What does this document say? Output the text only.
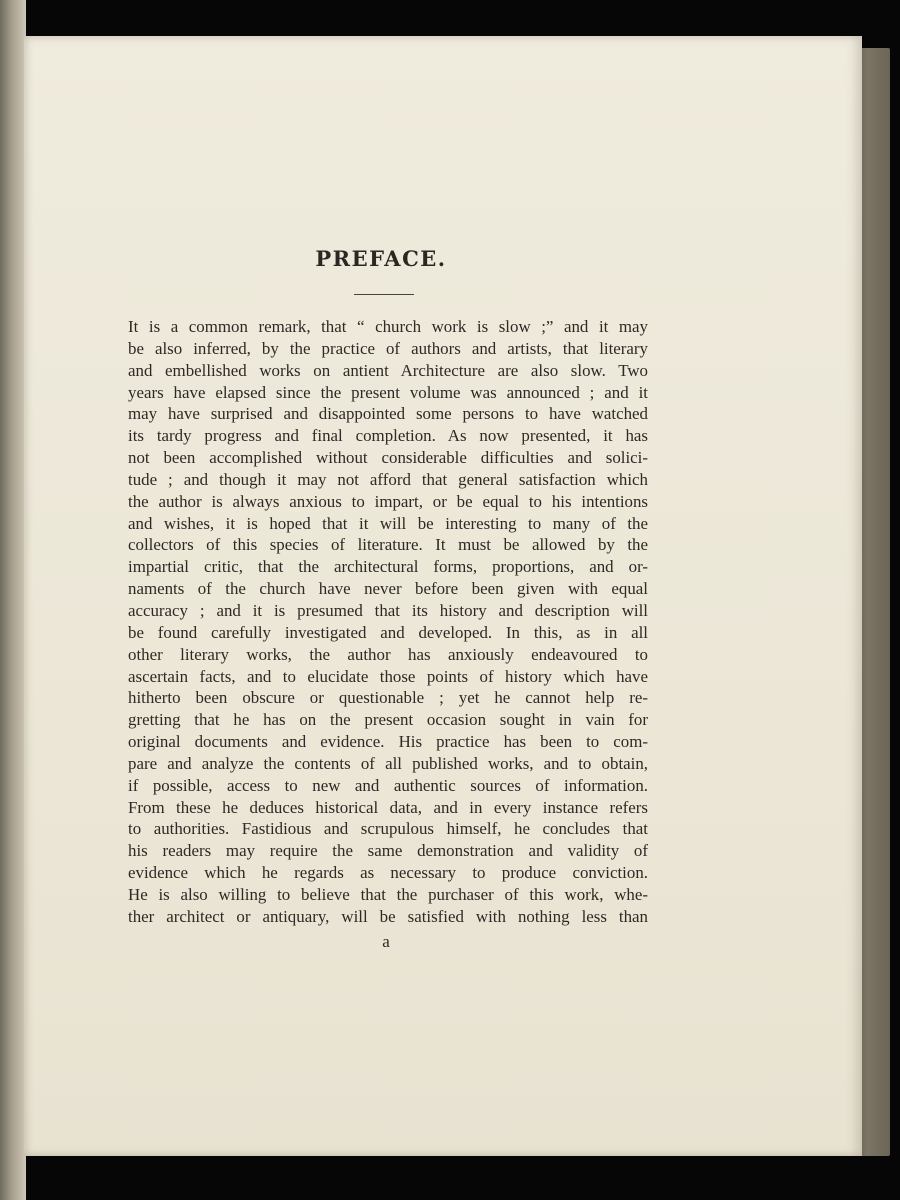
PREFACE.
It is a common remark, that “ church work is slow ;” and it may
be also inferred, by the practice of authors and artists, that literary
and embellished works on antient Architecture are also slow. Two
years have elapsed since the present volume was announced ; and it
may have surprised and disappointed some persons to have watched
its tardy progress and final completion. As now presented, it has
not been accomplished without considerable difficulties and solici-
tude ; and though it may not afford that general satisfaction which
the author is always anxious to impart, or be equal to his intentions
and wishes, it is hoped that it will be interesting to many of the
collectors of this species of literature. It must be allowed by the
impartial critic, that the architectural forms, proportions, and or-
naments of the church have never before been given with equal
accuracy ; and it is presumed that its history and description will
be found carefully investigated and developed. In this, as in all
other literary works, the author has anxiously endeavoured to
ascertain facts, and to elucidate those points of history which have
hitherto been obscure or questionable ; yet he cannot help re-
gretting that he has on the present occasion sought in vain for
original documents and evidence. His practice has been to com-
pare and analyze the contents of all published works, and to obtain,
if possible, access to new and authentic sources of information.
From these he deduces historical data, and in every instance refers
to authorities. Fastidious and scrupulous himself, he concludes that
his readers may require the same demonstration and validity of
evidence which he regards as necessary to produce conviction.
He is also willing to believe that the purchaser of this work, whe-
ther architect or antiquary, will be satisfied with nothing less than
a
